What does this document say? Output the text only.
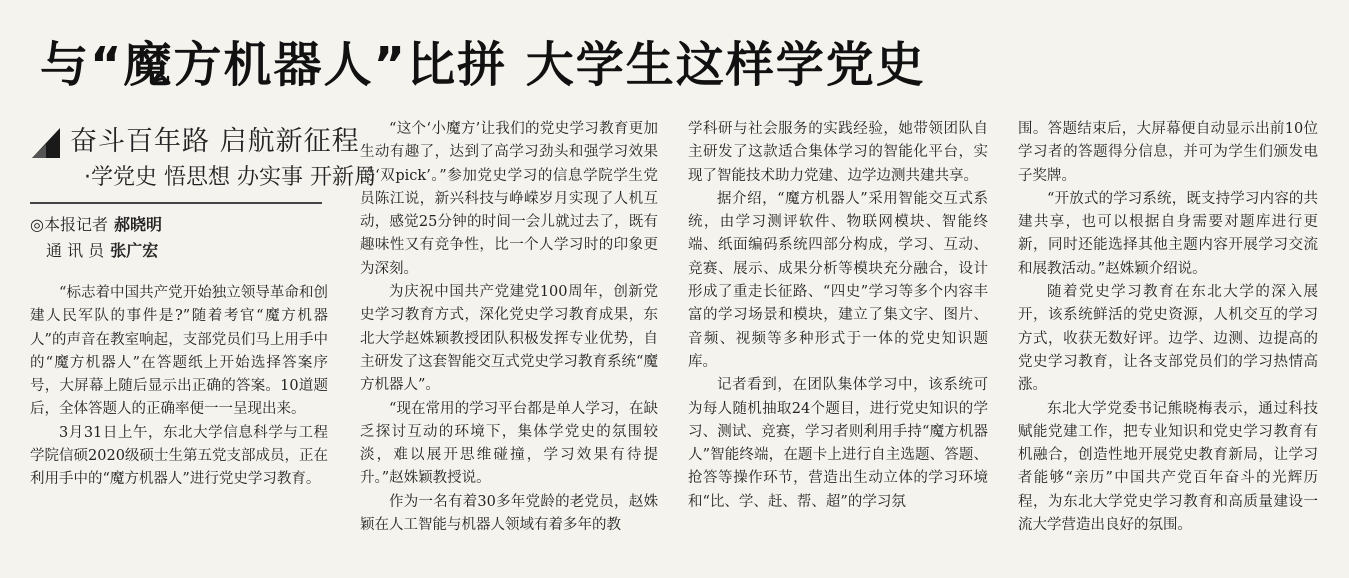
与“魔方机器人”比拼 大学生这样学党史
奋斗百年路 启航新征程
·学党史 悟思想 办实事 开新局
◎本报记者 郝晓明
　通 讯 员 张广宏

“标志着中国共产党开始独立领导革命和创建人民军队的事件是?”随着考官“魔方机器人”的声音在教室响起，支部党员们马上用手中的“魔方机器人”在答题纸上开始选择答案序号，大屏幕上随后显示出正确的答案。10道题后，全体答题人的正确率便一一呈现出来。

3月31日上午，东北大学信息科学与工程学院信硕2020级硕士生第五党支部成员，正在利用手中的“魔方机器人”进行党史学习教育。

“这个‘小魔方’让我们的党史学习教育更加生动有趣了，达到了高学习劲头和强学习效果的‘双pick’。”参加党史学习的信息学院学生党员陈江说，新兴科技与峥嵘岁月实现了人机互动，感觉25分钟的时间一会儿就过去了，既有趣味性又有竞争性，比一个人学习时的印象更为深刻。

为庆祝中国共产党建党100周年，创新党史学习教育方式，深化党史学习教育成果，东北大学赵姝颖教授团队积极发挥专业优势，自主研发了这套智能交互式党史学习教育系统“魔方机器人”。

“现在常用的学习平台都是单人学习，在缺乏探讨互动的环境下，集体学党史的氛围较淡，难以展开思维碰撞，学习效果有待提升。”赵姝颖教授说。

作为一名有着30多年党龄的老党员，赵姝颖在人工智能与机器人领域有着多年的教

学科研与社会服务的实践经验，她带领团队自主研发了这款适合集体学习的智能化平台，实现了智能技术助力党建、边学边测共建共享。

据介绍，“魔方机器人”采用智能交互式系统，由学习测评软件、物联网模块、智能终端、纸面编码系统四部分构成，学习、互动、竞赛、展示、成果分析等模块充分融合，设计形成了重走长征路、“四史”学习等多个内容丰富的学习场景和模块，建立了集文字、图片、音频、视频等多种形式于一体的党史知识题库。

记者看到，在团队集体学习中，该系统可为每人随机抽取24个题目，进行党史知识的学习、测试、竞赛，学习者则利用手持“魔方机器人”智能终端，在题卡上进行自主选题、答题、抢答等操作环节，营造出生动立体的学习环境和“比、学、赶、帮、超”的学习氛

围。答题结束后，大屏幕便自动显示出前10位学习者的答题得分信息，并可为学生们颁发电子奖牌。

“开放式的学习系统，既支持学习内容的共建共享，也可以根据自身需要对题库进行更新，同时还能选择其他主题内容开展学习交流和展教活动。”赵姝颖介绍说。

随着党史学习教育在东北大学的深入展开，该系统鲜活的党史资源，人机交互的学习方式，收获无数好评。边学、边测、边提高的党史学习教育，让各支部党员们的学习热情高涨。

东北大学党委书记熊晓梅表示，通过科技赋能党建工作，把专业知识和党史学习教育有机融合，创造性地开展党史教育新局，让学习者能够“亲历”中国共产党百年奋斗的光辉历程，为东北大学党史学习教育和高质量建设一流大学营造出良好的氛围。
